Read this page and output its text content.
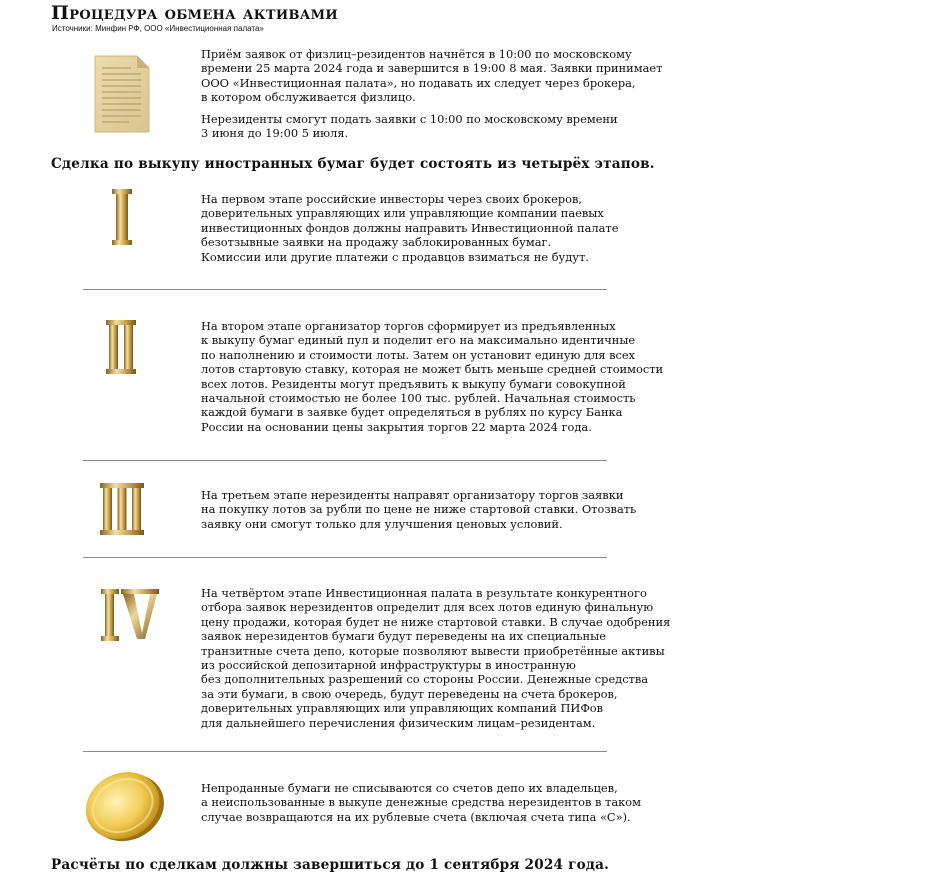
Процедура обмена активами
Источники: Минфин РФ, ООО «Инвестиционная палата»
Приём заявок от физлиц–резидентов начнётся в 10:00 по московскому
времени 25 марта 2024 года и завершится в 19:00 8 мая. Заявки принимает
ООО «Инвестиционная палата», но подавать их следует через брокера,
в котором обслуживается физлицо.
Нерезиденты смогут подать заявки с 10:00 по московскому времени
3 июня до 19:00 5 июля.
Сделка по выкупу иностранных бумаг будет состоять из четырёх этапов.
На первом этапе российские инвесторы через своих брокеров,
доверительных управляющих или управляющие компании паевых
инвестиционных фондов должны направить Инвестиционной палате
безотзывные заявки на продажу заблокированных бумаг.
Комиссии или другие платежи с продавцов взиматься не будут.
На втором этапе организатор торгов сформирует из предъявленных
к выкупу бумаг единый пул и поделит его на максимально идентичные
по наполнению и стоимости лоты. Затем он установит единую для всех
лотов стартовую ставку, которая не может быть меньше средней стоимости
всех лотов. Резиденты могут предъявить к выкупу бумаги совокупной
начальной стоимостью не более 100 тыс. рублей. Начальная стоимость
каждой бумаги в заявке будет определяться в рублях по курсу Банка
России на основании цены закрытия торгов 22 марта 2024 года.
На третьем этапе нерезиденты направят организатору торгов заявки
на покупку лотов за рубли по цене не ниже стартовой ставки. Отозвать
заявку они смогут только для улучшения ценовых условий.
На четвёртом этапе Инвестиционная палата в результате конкурентного
отбора заявок нерезидентов определит для всех лотов единую финальную
цену продажи, которая будет не ниже стартовой ставки. В случае одобрения
заявок нерезидентов бумаги будут переведены на их специальные
транзитные счета депо, которые позволяют вывести приобретённые активы
из российской депозитарной инфраструктуры в иностранную
без дополнительных разрешений со стороны России. Денежные средства
за эти бумаги, в свою очередь, будут переведены на счета брокеров,
доверительных управляющих или управляющих компаний ПИФов
для дальнейшего перечисления физическим лицам–резидентам.
Непроданные бумаги не списываются со счетов депо их владельцев,
а неиспользованные в выкупе денежные средства нерезидентов в таком
случае возвращаются на их рублевые счета (включая счета типа «С»).
Расчёты по сделкам должны завершиться до 1 сентября 2024 года.
